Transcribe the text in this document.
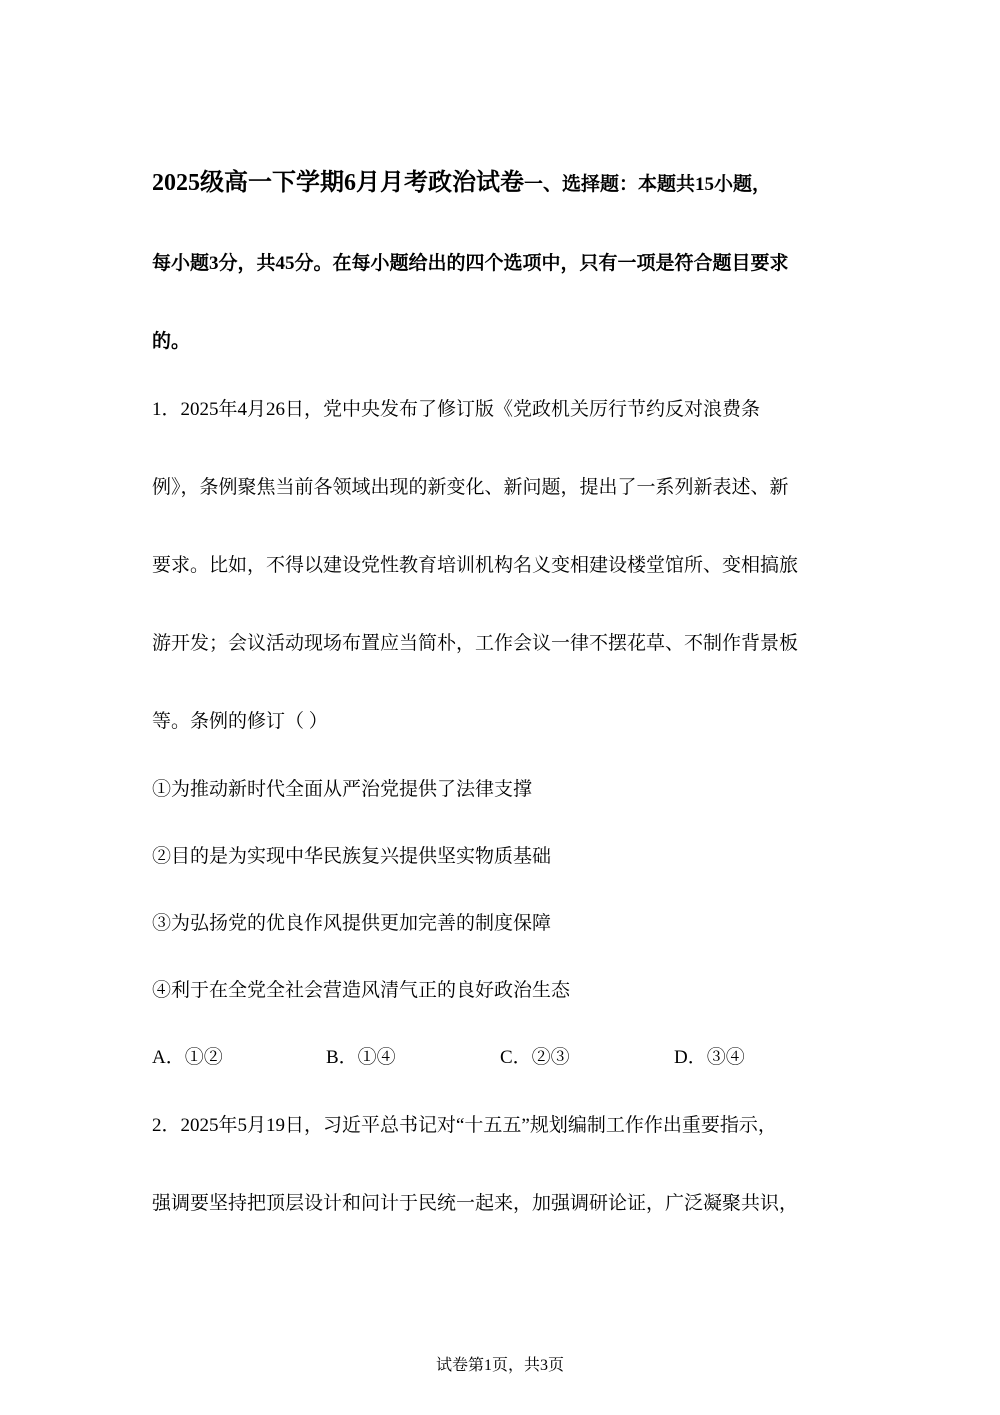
2025级高一下学期6月月考政治试卷一、选择题：本题共15小题，
每小题3分，共45分。在每小题给出的四个选项中，只有一项是符合题目要求
的。
1．2025年4月26日，党中央发布了修订版《党政机关厉行节约反对浪费条
例》，条例聚焦当前各领域出现的新变化、新问题，提出了一系列新表述、新
要求。比如，不得以建设党性教育培训机构名义变相建设楼堂馆所、变相搞旅
游开发；会议活动现场布置应当简朴，工作会议一律不摆花草、不制作背景板
等。条例的修订（ ）
①为推动新时代全面从严治党提供了法律支撑
②目的是为实现中华民族复兴提供坚实物质基础
③为弘扬党的优良作风提供更加完善的制度保障
④利于在全党全社会营造风清气正的良好政治生态
A．①②	B．①④	C．②③	D．③④
2．2025年5月19日，习近平总书记对“十五五”规划编制工作作出重要指示，
强调要坚持把顶层设计和问计于民统一起来，加强调研论证，广泛凝聚共识，
试卷第1页，共3页
